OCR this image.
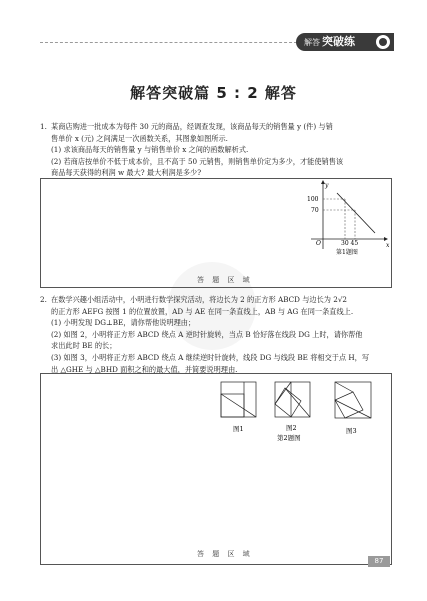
解答 突破练
解答突破篇 5 : 2 解答
1. 某商店购进一批成本为每件 30 元的商品，经调查发现，该商品每天的销售量 y (件) 与销
售单价 x (元) 之间满足一次函数关系，其图象如图所示.
(1) 求该商品每天的销售量 y 与销售单价 x 之间的函数解析式.
(2) 若商店按单价不低于成本价，且不高于 50 元销售，则销售单价定为多少，才能使销售该
商品每天获得的利润 w 最大? 最大利润是多少?
y
x
100
70
O	30 45
第1题图
答 题 区 域
2. 在数学兴趣小组活动中，小明进行数学探究活动，将边长为 2 的正方形 ABCD 与边长为 2√2
的正方形 AEFG 按图 1 的位置放置，AD 与 AE 在同一条直线上，AB 与 AG 在同一条直线上.
(1) 小明发现 DG⊥BE，请你帮他说明理由；
(2) 如图 2，小明将正方形 ABCD 绕点 A 逆时针旋转，当点 B 恰好落在线段 DG 上时，请你帮他
求出此时 BE 的长；
(3) 如图 3，小明将正方形 ABCD 绕点 A 继续逆时针旋转，线段 DG 与线段 BE 将相交于点 H，写
出 △GHE 与 △BHD 面积之和的最大值，并简要说明理由.
图1	图2	图3
第2题图
答 题 区 域
87
